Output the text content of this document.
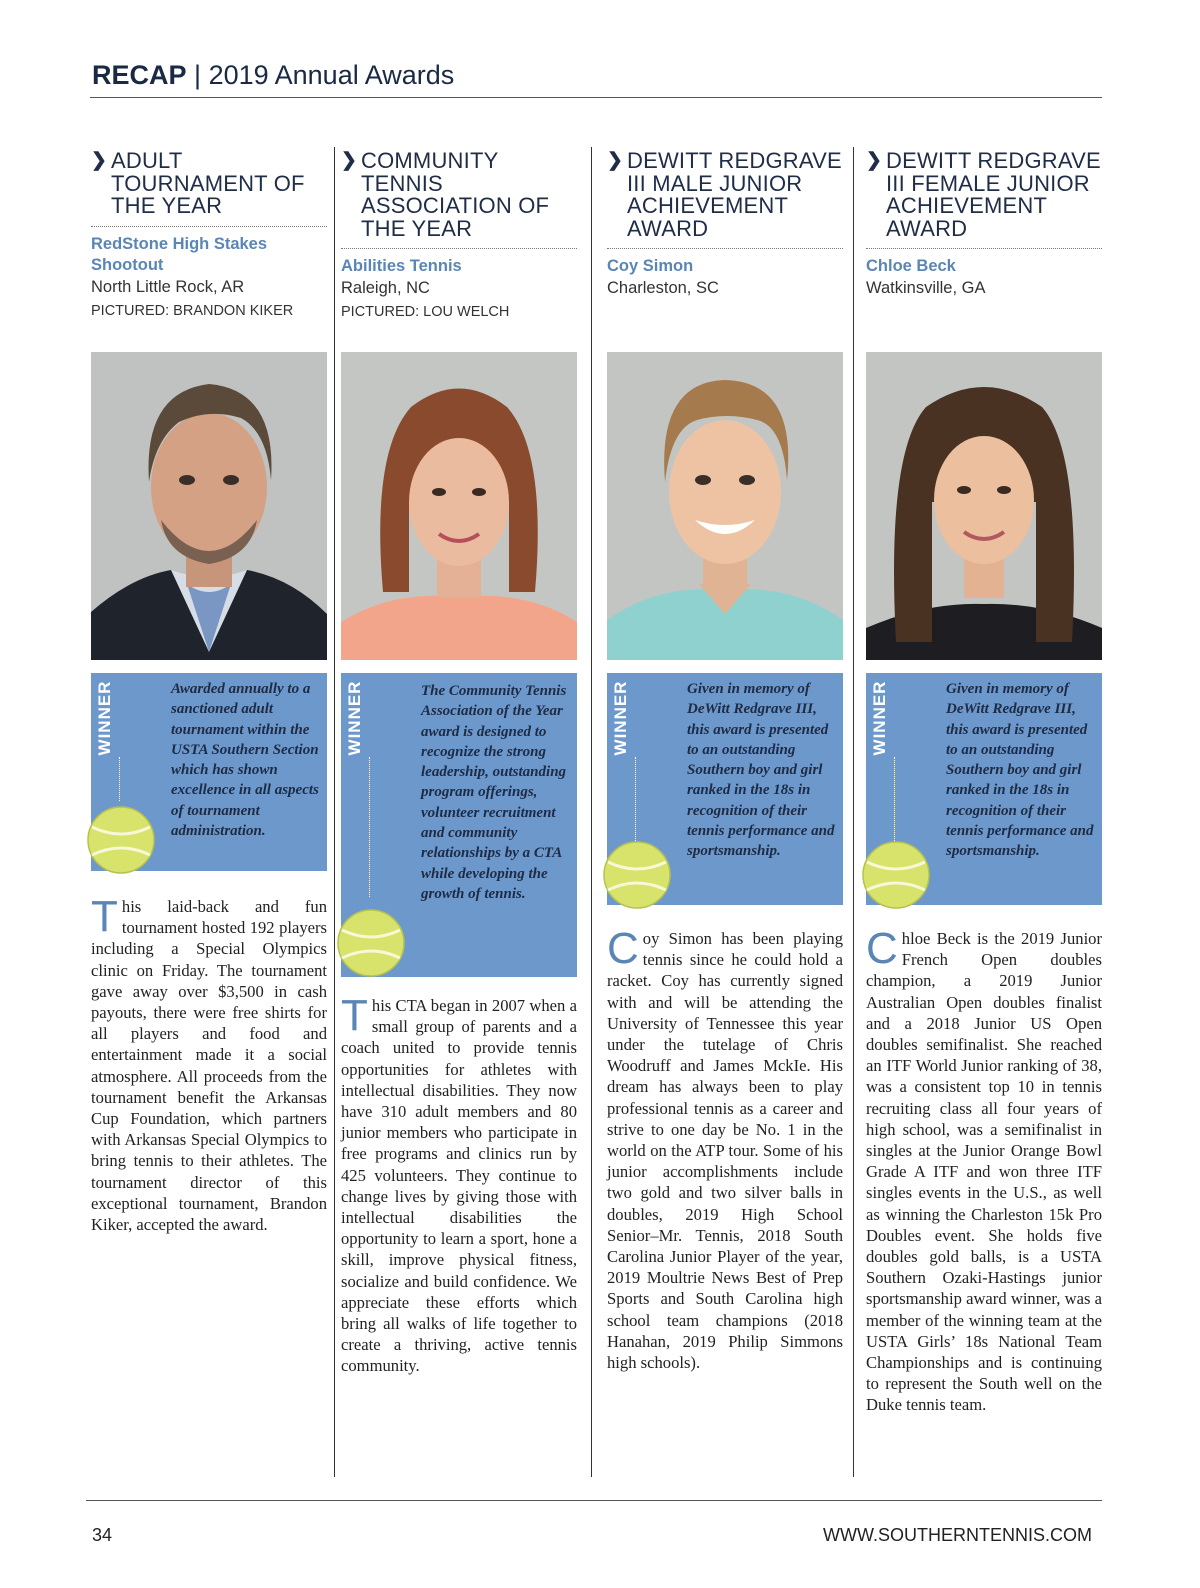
RECAP | 2019 Annual Awards
❯ ADULT TOURNAMENT OF THE YEAR
RedStone High Stakes Shootout
North Little Rock, AR
PICTURED: BRANDON KIKER
❯ COMMUNITY TENNIS ASSOCIATION OF THE YEAR
Abilities Tennis
Raleigh, NC
PICTURED: LOU WELCH
❯ DEWITT REDGRAVE III MALE JUNIOR ACHIEVEMENT AWARD
Coy Simon
Charleston, SC
❯ DEWITT REDGRAVE III FEMALE JUNIOR ACHIEVEMENT AWARD
Chloe Beck
Watkinsville, GA
WINNER	Awarded annually to a sanctioned adult tournament within the USTA Southern Section which has shown excellence in all aspects of tournament administration.
WINNER	The Community Tennis Association of the Year award is designed to recognize the strong leadership, outstanding program offerings, volunteer recruitment and community relationships by a CTA while developing the growth of tennis.
WINNER	Given in memory of DeWitt Redgrave III, this award is presented to an outstanding Southern boy and girl ranked in the 18s in recognition of their tennis performance and sportsmanship.
WINNER	Given in memory of DeWitt Redgrave III, this award is presented to an outstanding Southern boy and girl ranked in the 18s in recognition of their tennis performance and sportsmanship.
This laid-back and fun tournament hosted 192 players including a Special Olympics clinic on Friday. The tournament gave away over $3,500 in cash payouts, there were free shirts for all players and food and entertainment made it a social atmosphere. All proceeds from the tournament benefit the Arkansas Cup Foundation, which partners with Arkansas Special Olympics to bring tennis to their athletes. The tournament director of this exceptional tournament, Brandon Kiker, accepted the award.
This CTA began in 2007 when a small group of parents and a coach united to provide tennis opportunities for athletes with intellectual disabilities. They now have 310 adult members and 80 junior members who participate in free programs and clinics run by 425 volunteers. They continue to change lives by giving those with intellectual disabilities the opportunity to learn a sport, hone a skill, improve physical fitness, socialize and build confidence. We appreciate these efforts which bring all walks of life together to create a thriving, active tennis community.
Coy Simon has been playing tennis since he could hold a racket. Coy has currently signed with and will be attending the University of Tennessee this year under the tutelage of Chris Woodruff and James MckIe. His dream has always been to play professional tennis as a career and strive to one day be No. 1 in the world on the ATP tour. Some of his junior accomplishments include two gold and two silver balls in doubles, 2019 High School Senior–Mr. Tennis, 2018 South Carolina Junior Player of the year, 2019 Moultrie News Best of Prep Sports and South Carolina high school team champions (2018 Hanahan, 2019 Philip Simmons high schools).
Chloe Beck is the 2019 Junior French Open doubles champion, a 2019 Junior Australian Open doubles finalist and a 2018 Junior US Open doubles semifinalist. She reached an ITF World Junior ranking of 38, was a consistent top 10 in tennis recruiting class all four years of high school, was a semifinalist in singles at the Junior Orange Bowl Grade A ITF and won three ITF singles events in the U.S., as well as winning the Charleston 15k Pro Doubles event. She holds five doubles gold balls, is a USTA Southern Ozaki-Hastings junior sportsmanship award winner, was a member of the winning team at the USTA Girls’ 18s National Team Championships and is continuing to represent the South well on the Duke tennis team.
34	WWW.SOUTHERNTENNIS.COM
